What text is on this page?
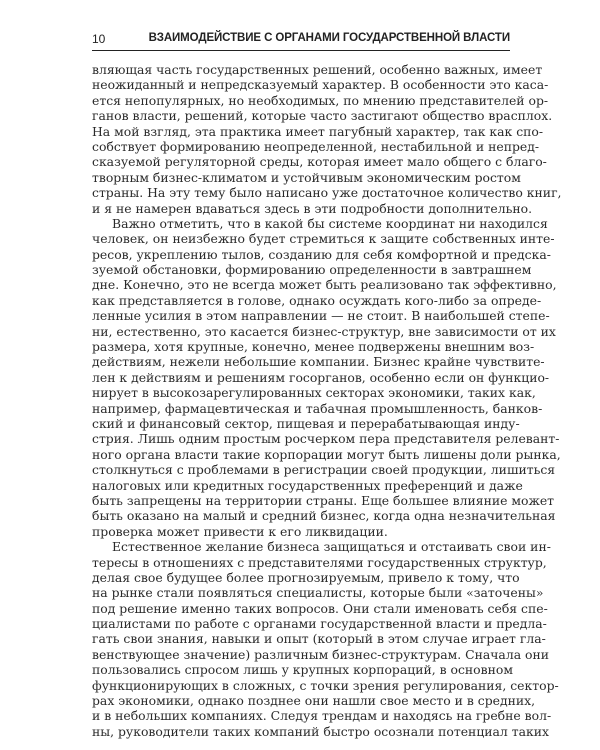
10	ВЗАИМОДЕЙСТВИЕ С ОРГАНАМИ ГОСУДАРСТВЕННОЙ ВЛАСТИ
вляющая часть государственных решений, особенно важных, имеет
неожиданный и непредсказуемый характер. В особенности это каса-
ется непопулярных, но необходимых, по мнению представителей ор-
ганов власти, решений, которые часто застигают общество врасплох.
На мой взгляд, эта практика имеет пагубный характер, так как спо-
собствует формированию неопределенной, нестабильной и непред-
сказуемой регуляторной среды, которая имеет мало общего с благо-
творным бизнес-климатом и устойчивым экономическим ростом
страны. На эту тему было написано уже достаточное количество книг,
и я не намерен вдаваться здесь в эти подробности дополнительно.
Важно отметить, что в какой бы системе координат ни находился
человек, он неизбежно будет стремиться к защите собственных инте-
ресов, укреплению тылов, созданию для себя комфортной и предска-
зуемой обстановки, формированию определенности в завтрашнем
дне. Конечно, это не всегда может быть реализовано так эффективно,
как представляется в голове, однако осуждать кого-либо за опреде-
ленные усилия в этом направлении — не стоит. В наибольшей степе-
ни, естественно, это касается бизнес-структур, вне зависимости от их
размера, хотя крупные, конечно, менее подвержены внешним воз-
действиям, нежели небольшие компании. Бизнес крайне чувствите-
лен к действиям и решениям госорганов, особенно если он функцио-
нирует в высокозарегулированных секторах экономики, таких как,
например, фармацевтическая и табачная промышленность, банков-
ский и финансовый сектор, пищевая и перерабатывающая инду-
стрия. Лишь одним простым росчерком пера представителя релевант-
ного органа власти такие корпорации могут быть лишены доли рынка,
столкнуться с проблемами в регистрации своей продукции, лишиться
налоговых или кредитных государственных преференций и даже
быть запрещены на территории страны. Еще большее влияние может
быть оказано на малый и средний бизнес, когда одна незначительная
проверка может привести к его ликвидации.
Естественное желание бизнеса защищаться и отстаивать свои ин-
тересы в отношениях с представителями государственных структур,
делая свое будущее более прогнозируемым, привело к тому, что
на рынке стали появляться специалисты, которые были «заточены»
под решение именно таких вопросов. Они стали именовать себя спе-
циалистами по работе с органами государственной власти и предла-
гать свои знания, навыки и опыт (который в этом случае играет гла-
венствующее значение) различным бизнес-структурам. Сначала они
пользовались спросом лишь у крупных корпораций, в основном
функционирующих в сложных, с точки зрения регулирования, сектор-
рах экономики, однако позднее они нашли свое место и в средних,
и в небольших компаниях. Следуя трендам и находясь на гребне вол-
ны, руководители таких компаний быстро осознали потенциал таких
